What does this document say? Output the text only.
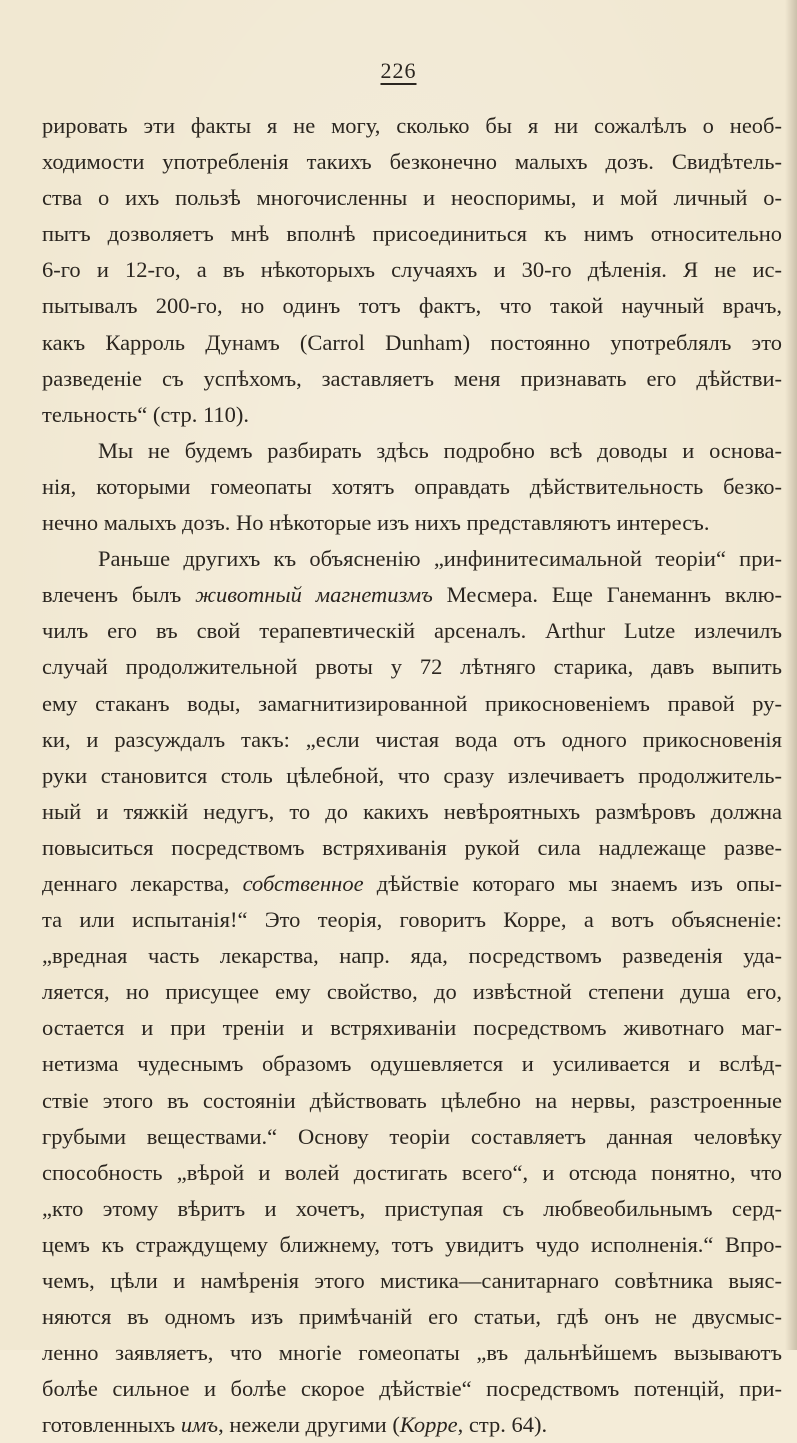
226
рировать эти факты я не могу, сколько бы я ни сожалѣлъ о необ-
ходимости употребленія такихъ безконечно малыхъ дозъ. Свидѣтель-
ства о ихъ пользѣ многочисленны и неоспоримы, и мой личный о-
пытъ дозволяетъ мнѣ вполнѣ присоединиться къ нимъ относительно
6-го и 12-го, а въ нѣкоторыхъ случаяхъ и 30-го дѣленія. Я не ис-
пытывалъ 200-го, но одинъ тотъ фактъ, что такой научный врачъ,
какъ Карроль Дунамъ (Carrol Dunham) постоянно употреблялъ это
разведеніе съ успѣхомъ, заставляетъ меня признавать его дѣйстви-
тельность“ (стр. 110).
Мы не будемъ разбирать здѣсь подробно всѣ доводы и основа-
нія, которыми гомеопаты хотятъ оправдать дѣйствительность безко-
нечно малыхъ дозъ. Но нѣкоторые изъ нихъ представляютъ интересъ.
Раньше другихъ къ объясненію „инфинитесимальной теоріи“ при-
влеченъ былъ животный магнетизмъ Месмера. Еще Ганеманнъ вклю-
чилъ его въ свой терапевтическій арсеналъ. Arthur Lutze излечилъ
случай продолжительной рвоты у 72 лѣтняго старика, давъ выпить
ему стаканъ воды, замагнитизированной прикосновеніемъ правой ру-
ки, и разсуждалъ такъ: „если чистая вода отъ одного прикосновенія
руки становится столь цѣлебной, что сразу излечиваетъ продолжитель-
ный и тяжкій недугъ, то до какихъ невѣроятныхъ размѣровъ должна
повыситься посредствомъ встряхиванія рукой сила надлежаще разве-
деннаго лекарства, собственное дѣйствіе котораго мы знаемъ изъ опы-
та или испытанія!“ Это теорія, говоритъ Корре, а вотъ объясненіе:
„вредная часть лекарства, напр. яда, посредствомъ разведенія уда-
ляется, но присущее ему свойство, до извѣстной степени душа его,
остается и при треніи и встряхиваніи посредствомъ животнаго маг-
нетизма чудеснымъ образомъ одушевляется и усиливается и вслѣд-
ствіе этого въ состояніи дѣйствовать цѣлебно на нервы, разстроенные
грубыми веществами.“ Основу теоріи составляетъ данная человѣку
способность „вѣрой и волей достигать всего“, и отсюда понятно, что
„кто этому вѣритъ и хочетъ, приступая съ любвеобильнымъ серд-
цемъ къ страждущему ближнему, тотъ увидитъ чудо исполненія.“ Впро-
чемъ, цѣли и намѣренія этого мистика—санитарнаго совѣтника выяс-
няются въ одномъ изъ примѣчаній его статьи, гдѣ онъ не двусмыс-
ленно заявляетъ, что многіе гомеопаты „въ дальнѣйшемъ вызываютъ
болѣе сильное и болѣе скорое дѣйствіе“ посредствомъ потенцій, при-
готовленныхъ имъ, нежели другими (Корре, стр. 64).
